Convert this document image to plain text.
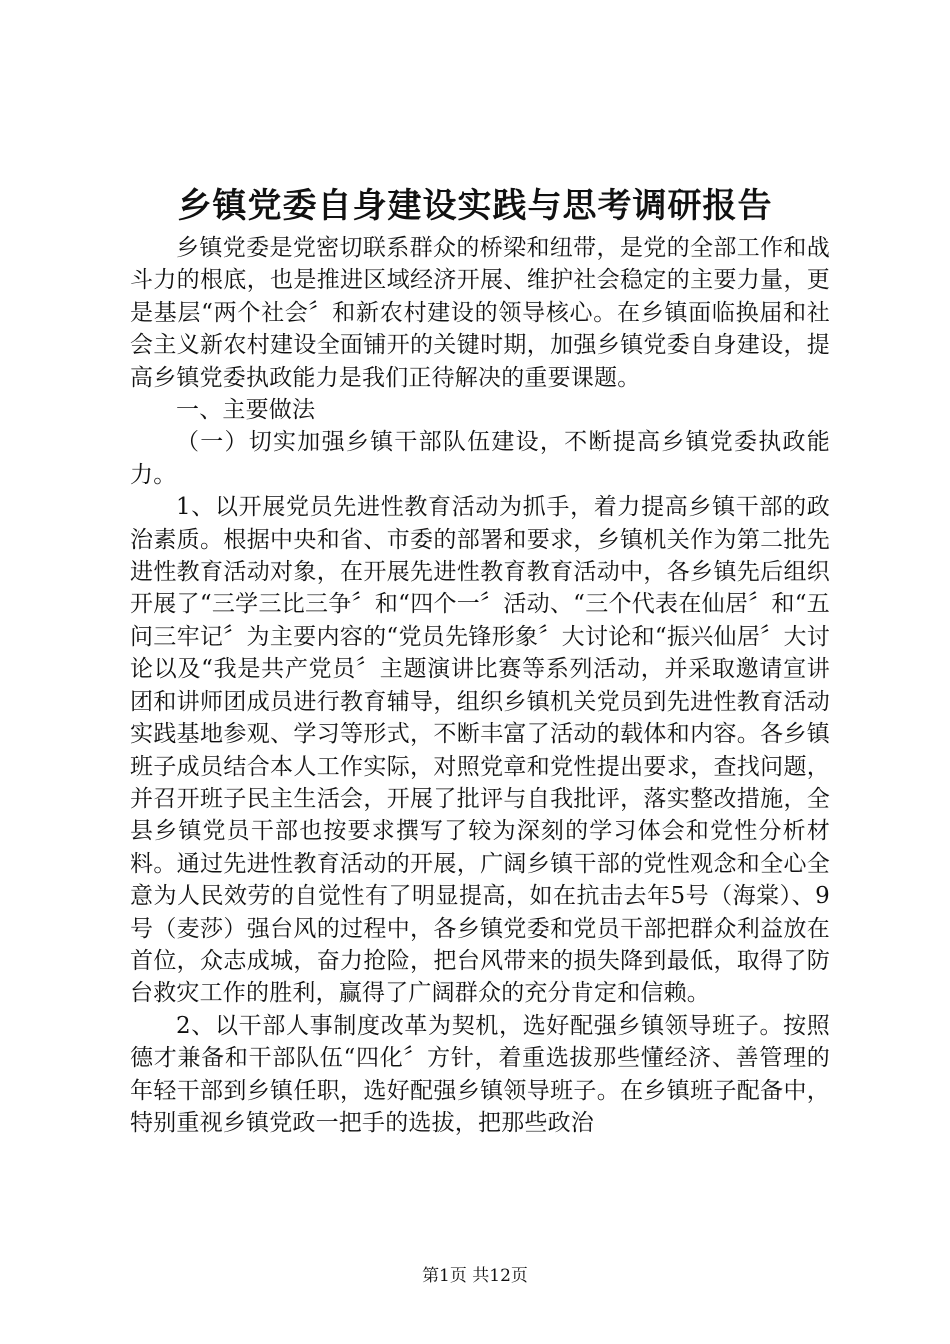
乡镇党委自身建设实践与思考调研报告

乡镇党委是党密切联系群众的桥梁和纽带，是党的全部工作和战斗力的根底，也是推进区域经济开展、维护社会稳定的主要力量，更是基层“两个社会〞和新农村建设的领导核心。在乡镇面临换届和社会主义新农村建设全面铺开的关键时期，加强乡镇党委自身建设，提高乡镇党委执政能力是我们正待解决的重要课题。

一、主要做法

（一）切实加强乡镇干部队伍建设，不断提高乡镇党委执政能力。

1、以开展党员先进性教育活动为抓手，着力提高乡镇干部的政治素质。根据中央和省、市委的部署和要求，乡镇机关作为第二批先进性教育活动对象，在开展先进性教育教育活动中，各乡镇先后组织开展了“三学三比三争〞和“四个一〞活动、“三个代表在仙居〞和“五问三牢记〞为主要内容的“党员先锋形象〞大讨论和“振兴仙居〞大讨论以及“我是共产党员〞主题演讲比赛等系列活动，并采取邀请宣讲团和讲师团成员进行教育辅导，组织乡镇机关党员到先进性教育活动实践基地参观、学习等形式，不断丰富了活动的载体和内容。各乡镇班子成员结合本人工作实际，对照党章和党性提出要求，查找问题，并召开班子民主生活会，开展了批评与自我批评，落实整改措施，全县乡镇党员干部也按要求撰写了较为深刻的学习体会和党性分析材料。通过先进性教育活动的开展，广阔乡镇干部的党性观念和全心全意为人民效劳的自觉性有了明显提高，如在抗击去年5号（海棠）、9号（麦莎）强台风的过程中，各乡镇党委和党员干部把群众利益放在首位，众志成城，奋力抢险，把台风带来的损失降到最低，取得了防台救灾工作的胜利，赢得了广阔群众的充分肯定和信赖。

2、以干部人事制度改革为契机，选好配强乡镇领导班子。按照德才兼备和干部队伍“四化〞方针，着重选拔那些懂经济、善管理的年轻干部到乡镇任职，选好配强乡镇领导班子。在乡镇班子配备中，特别重视乡镇党政一把手的选拔，把那些政治

第1页 共12页
